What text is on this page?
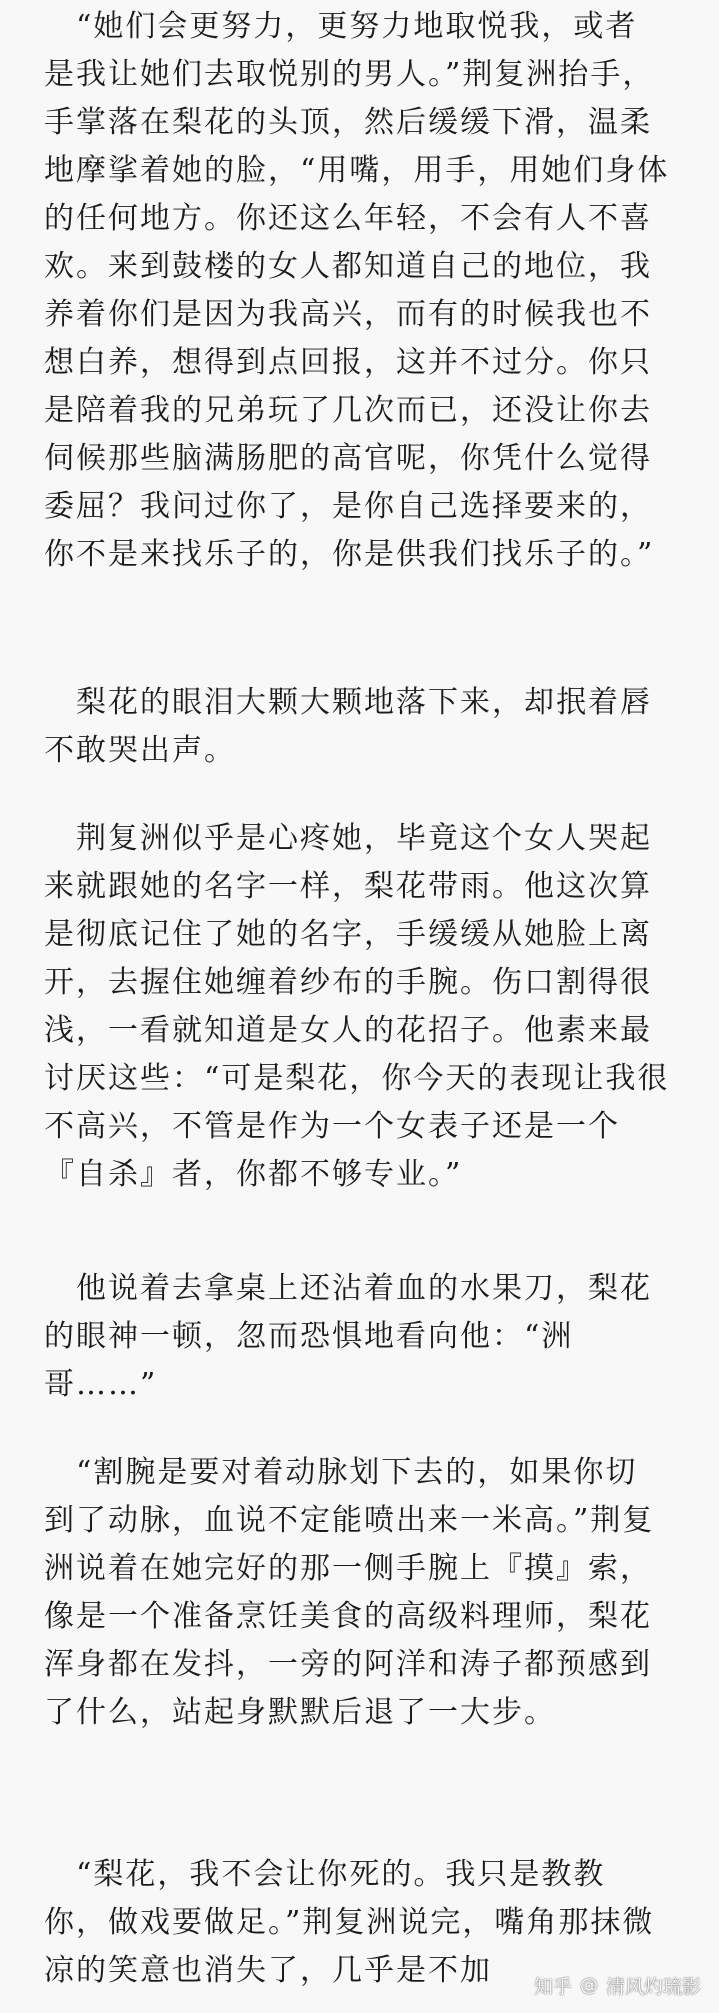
　“她们会更努力，更努力地取悦我，或者
是我让她们去取悦别的男人。”荆复洲抬手，
手掌落在梨花的头顶，然后缓缓下滑，温柔
地摩挲着她的脸，“用嘴，用手，用她们身体
的任何地方。你还这么年轻，不会有人不喜
欢。来到鼓楼的女人都知道自己的地位，我
养着你们是因为我高兴，而有的时候我也不
想白养，想得到点回报，这并不过分。你只
是陪着我的兄弟玩了几次而已，还没让你去
伺候那些脑满肠肥的高官呢，你凭什么觉得
委屈？我问过你了，是你自己选择要来的，
你不是来找乐子的，你是供我们找乐子的。”
　梨花的眼泪大颗大颗地落下来，却抿着唇
不敢哭出声。
　荆复洲似乎是心疼她，毕竟这个女人哭起
来就跟她的名字一样，梨花带雨。他这次算
是彻底记住了她的名字，手缓缓从她脸上离
开，去握住她缠着纱布的手腕。伤口割得很
浅，一看就知道是女人的花招子。他素来最
讨厌这些：“可是梨花，你今天的表现让我很
不高兴，不管是作为一个女表子还是一个
『自杀』者，你都不够专业。”
　他说着去拿桌上还沾着血的水果刀，梨花
的眼神一顿，忽而恐惧地看向他：“洲
哥……”
　“割腕是要对着动脉划下去的，如果你切
到了动脉，血说不定能喷出来一米高。”荆复
洲说着在她完好的那一侧手腕上『摸』索，
像是一个准备烹饪美食的高级料理师，梨花
浑身都在发抖，一旁的阿洋和涛子都预感到
了什么，站起身默默后退了一大步。
　“梨花，我不会让你死的。我只是教教
你，做戏要做足。”荆复洲说完，嘴角那抹微
凉的笑意也消失了，几乎是不加	知乎 @ 清风灼琉影
